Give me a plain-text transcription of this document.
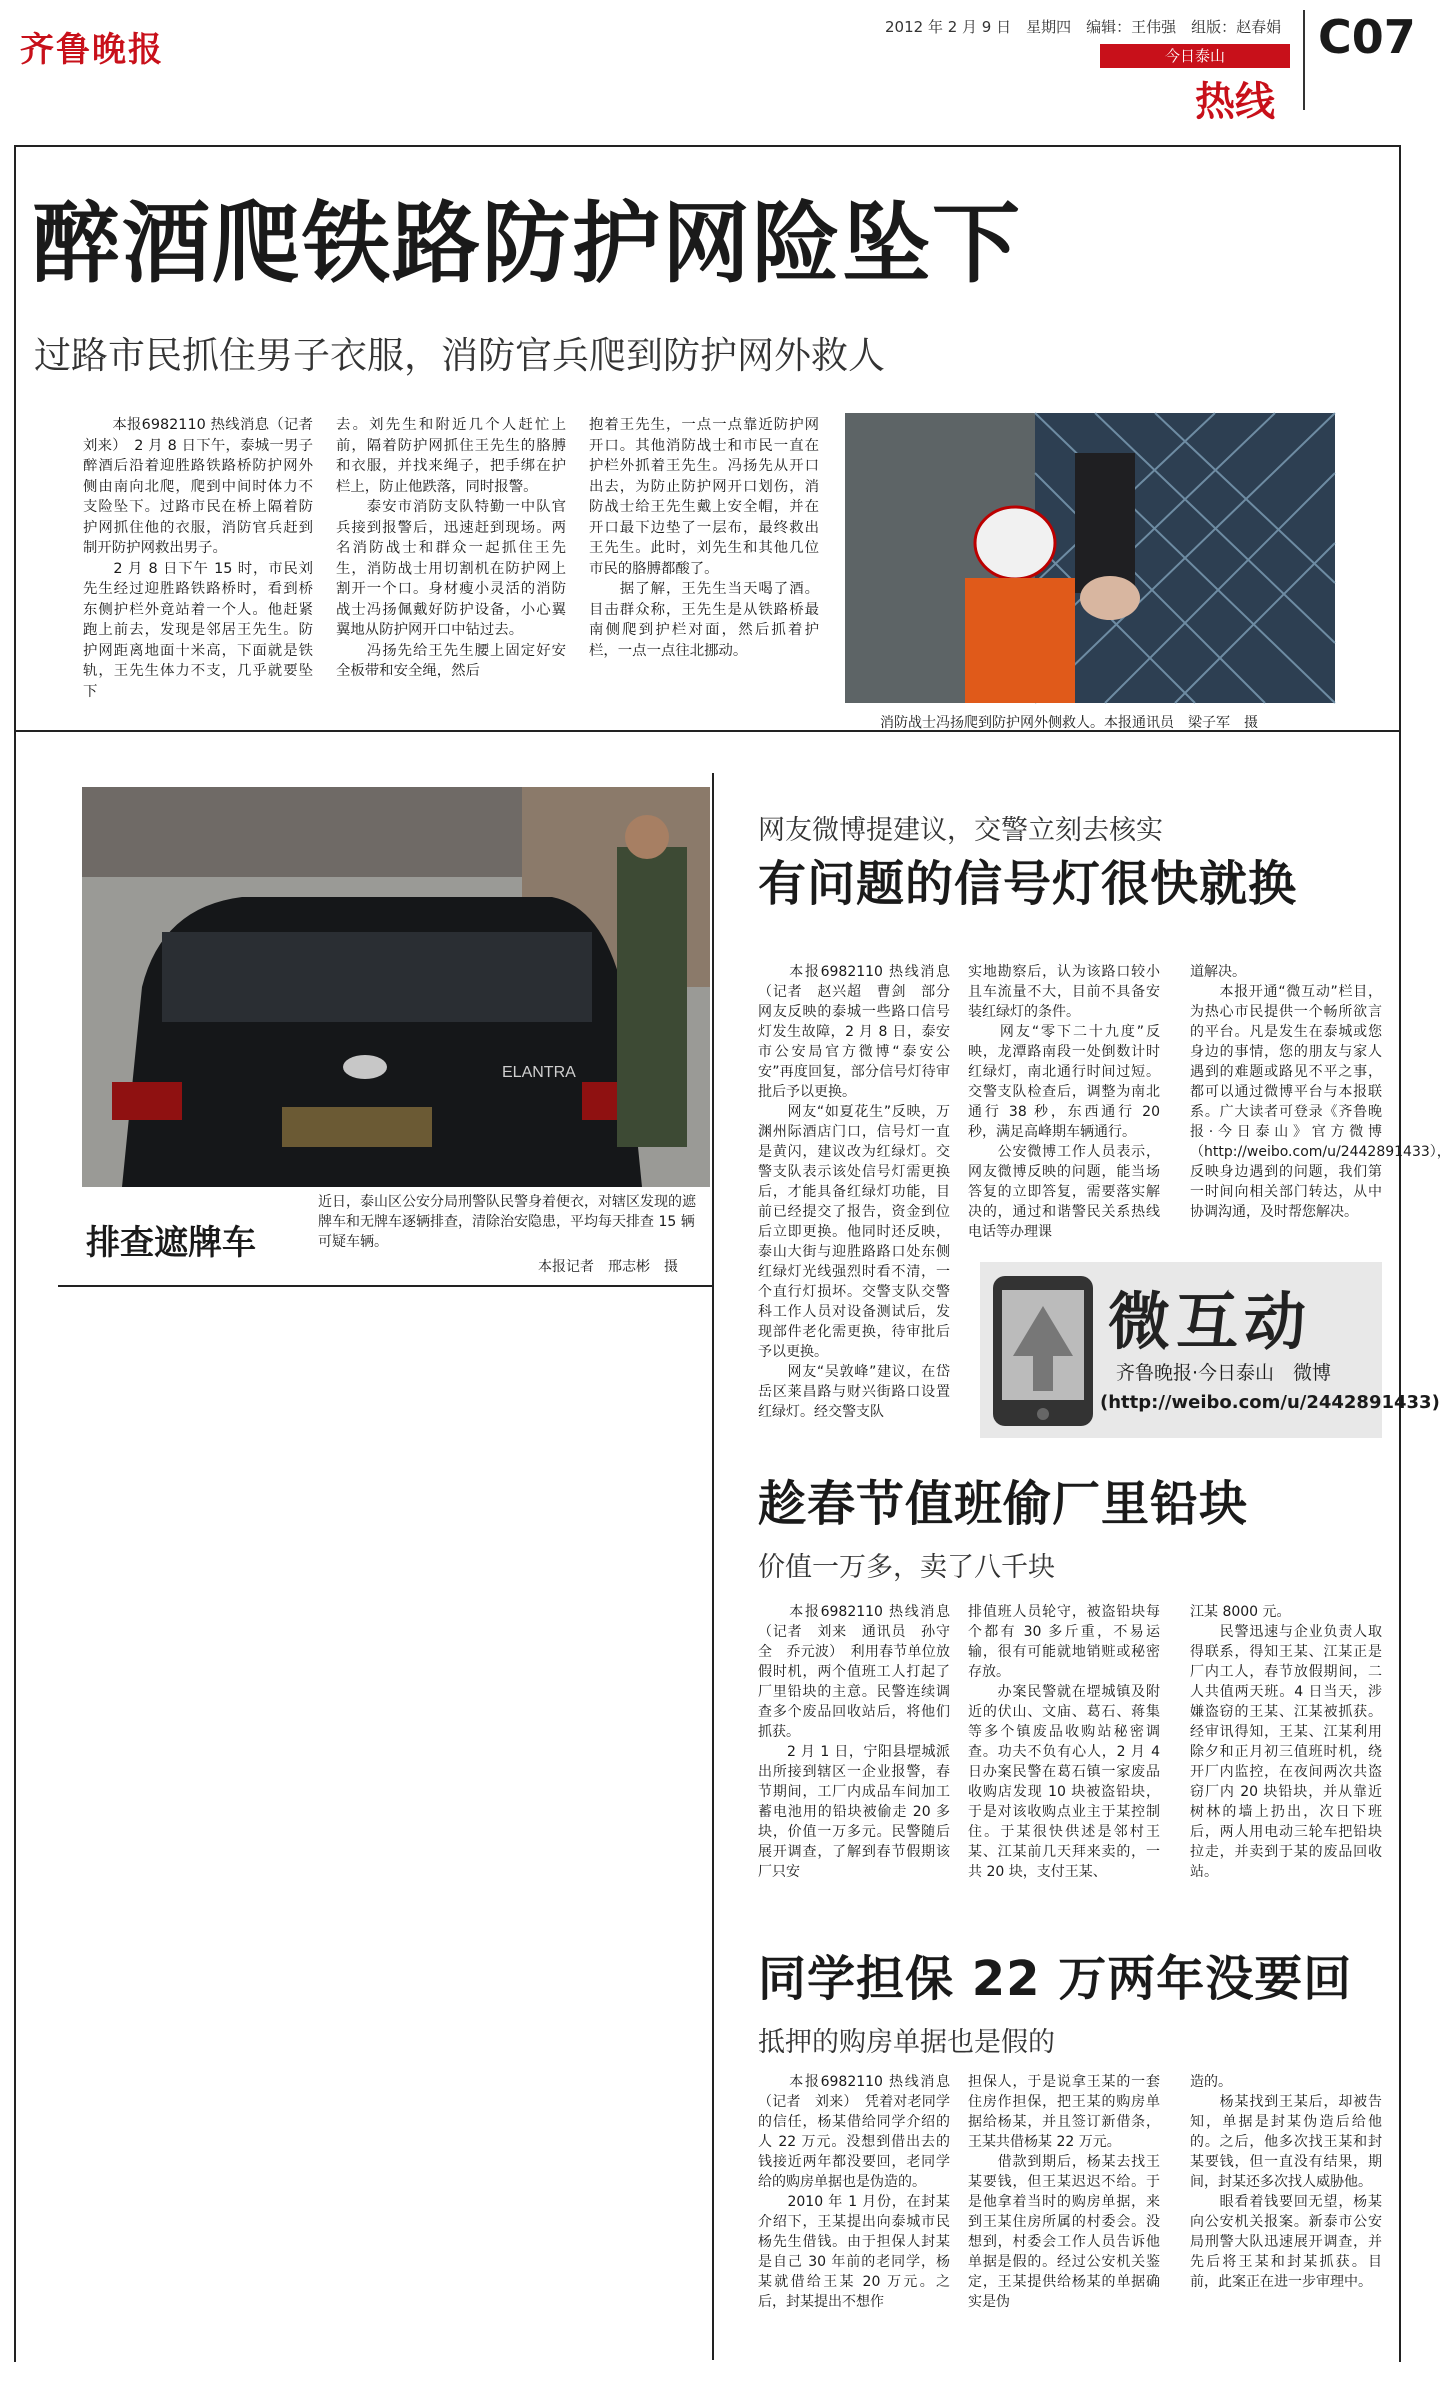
齐鲁晚报
2012 年 2 月 9 日　星期四　编辑：王伟强　组版：赵春娟
今日泰山
热线
C07
醉酒爬铁路防护网险坠下
过路市民抓住男子衣服，消防官兵爬到防护网外救人
　　本报6982110 热线消息（记者　刘来）　2 月 8 日下午，泰城一男子醉酒后沿着迎胜路铁路桥防护网外侧由南向北爬，爬到中间时体力不支险坠下。过路市民在桥上隔着防护网抓住他的衣服，消防官兵赶到制开防护网救出男子。
　　2 月 8 日下午 15 时，市民刘先生经过迎胜路铁路桥时，看到桥东侧护栏外竟站着一个人。他赶紧跑上前去，发现是邻居王先生。防护网距离地面十米高，下面就是铁轨，王先生体力不支，几乎就要坠下
去。刘先生和附近几个人赶忙上前，隔着防护网抓住王先生的胳膊和衣服，并找来绳子，把手绑在护栏上，防止他跌落，同时报警。
　　泰安市消防支队特勤一中队官兵接到报警后，迅速赶到现场。两名消防战士和群众一起抓住王先生，消防战士用切割机在防护网上割开一个口。身材瘦小灵活的消防战士冯扬佩戴好防护设备，小心翼翼地从防护网开口中钻过去。
　　冯扬先给王先生腰上固定好安全板带和安全绳，然后
抱着王先生，一点一点靠近防护网开口。其他消防战士和市民一直在护栏外抓着王先生。冯扬先从开口出去，为防止防护网开口划伤，消防战士给王先生戴上安全帽，并在开口最下边垫了一层布，最终救出王先生。此时，刘先生和其他几位市民的胳膊都酸了。
　　据了解，王先生当天喝了酒。目击群众称，王先生是从铁路桥最南侧爬到护栏对面，然后抓着护栏，一点一点往北挪动。
消防战士冯扬爬到防护网外侧救人。本报通讯员　梁子军　摄
ELANTRA
排查遮牌车
近日，泰山区公安分局刑警队民警身着便衣，对辖区发现的遮牌车和无牌车逐辆排查，清除治安隐患，平均每天排查 15 辆可疑车辆。
本报记者　邢志彬　摄
网友微博提建议，交警立刻去核实
有问题的信号灯很快就换
　　本报6982110 热线消息（记者　赵兴超　曹剑　部分网友反映的泰城一些路口信号灯发生故障，2 月 8 日，泰安市公安局官方微博“泰安公安”再度回复，部分信号灯待审批后予以更换。
　　网友“如夏花生”反映，万渊州际酒店门口，信号灯一直是黄闪，建议改为红绿灯。交警支队表示该处信号灯需更换后，才能具备红绿灯功能，目前已经提交了报告，资金到位后立即更换。他同时还反映，泰山大街与迎胜路路口处东侧红绿灯光线强烈时看不清，一个直行灯损坏。交警支队交警科工作人员对设备测试后，发现部件老化需更换，待审批后予以更换。
　　网友“吴敦峰”建议，在岱岳区莱昌路与财兴街路口设置红绿灯。经交警支队
实地勘察后，认为该路口较小且车流量不大，目前不具备安装红绿灯的条件。
　　网友“零下二十九度”反映，龙潭路南段一处倒数计时红绿灯，南北通行时间过短。交警支队检查后，调整为南北通行 38 秒，东西通行 20 秒，满足高峰期车辆通行。
　　公安微博工作人员表示，网友微博反映的问题，能当场答复的立即答复，需要落实解决的，通过和谐警民关系热线电话等办理课
道解决。
　　本报开通“微互动”栏目，为热心市民提供一个畅所欲言的平台。凡是发生在泰城或您身边的事情，您的朋友与家人遇到的难题或路见不平之事，都可以通过微博平台与本报联系。广大读者可登录《齐鲁晚报·今日泰山》官方微博（http://weibo.com/u/2442891433），反映身边遇到的问题，我们第一时间向相关部门转达，从中协调沟通，及时帮您解决。
微互动
齐鲁晚报·今日泰山　微博
(http://weibo.com/u/2442891433)
趁春节值班偷厂里铅块
价值一万多，卖了八千块
　　本报6982110 热线消息（记者　刘来　通讯员　孙守全　乔元波）　利用春节单位放假时机，两个值班工人打起了厂里铅块的主意。民警连续调查多个废品回收站后，将他们抓获。
　　2 月 1 日，宁阳县堽城派出所接到辖区一企业报警，春节期间，工厂内成品车间加工蓄电池用的铅块被偷走 20 多块，价值一万多元。民警随后展开调查，了解到春节假期该厂只安
排值班人员轮守，被盗铅块每个都有 30 多斤重，不易运输，很有可能就地销赃或秘密存放。
　　办案民警就在堽城镇及附近的伏山、文庙、葛石、蒋集等多个镇废品收购站秘密调查。功夫不负有心人，2 月 4 日办案民警在葛石镇一家废品收购店发现 10 块被盗铅块，于是对该收购点业主于某控制住。于某很快供述是邻村王某、江某前几天拜来卖的，一共 20 块，支付王某、
江某 8000 元。
　　民警迅速与企业负责人取得联系，得知王某、江某正是厂内工人，春节放假期间，二人共值两天班。4 日当天，涉嫌盗窃的王某、江某被抓获。经审讯得知，王某、江某利用除夕和正月初三值班时机，绕开厂内监控，在夜间两次共盗窃厂内 20 块铅块，并从靠近树林的墙上扔出，次日下班后，两人用电动三轮车把铅块拉走，并卖到于某的废品回收站。
同学担保 22 万两年没要回
抵押的购房单据也是假的
　　本报6982110 热线消息（记者　刘来）　凭着对老同学的信任，杨某借给同学介绍的人 22 万元。没想到借出去的钱接近两年都没要回，老同学给的购房单据也是伪造的。
　　2010 年 1 月份，在封某介绍下，王某提出向泰城市民杨先生借钱。由于担保人封某是自己 30 年前的老同学，杨某就借给王某 20 万元。之后，封某提出不想作
担保人，于是说拿王某的一套住房作担保，把王某的购房单据给杨某，并且签订新借条，王某共借杨某 22 万元。
　　借款到期后，杨某去找王某要钱，但王某迟迟不给。于是他拿着当时的购房单据，来到王某住房所属的村委会。没想到，村委会工作人员告诉他单据是假的。经过公安机关鉴定，王某提供给杨某的单据确实是伪
造的。
　　杨某找到王某后，却被告知，单据是封某伪造后给他的。之后，他多次找王某和封某要钱，但一直没有结果，期间，封某还多次找人威胁他。
　　眼看着钱要回无望，杨某向公安机关报案。新泰市公安局刑警大队迅速展开调查，并先后将王某和封某抓获。目前，此案正在进一步审理中。
